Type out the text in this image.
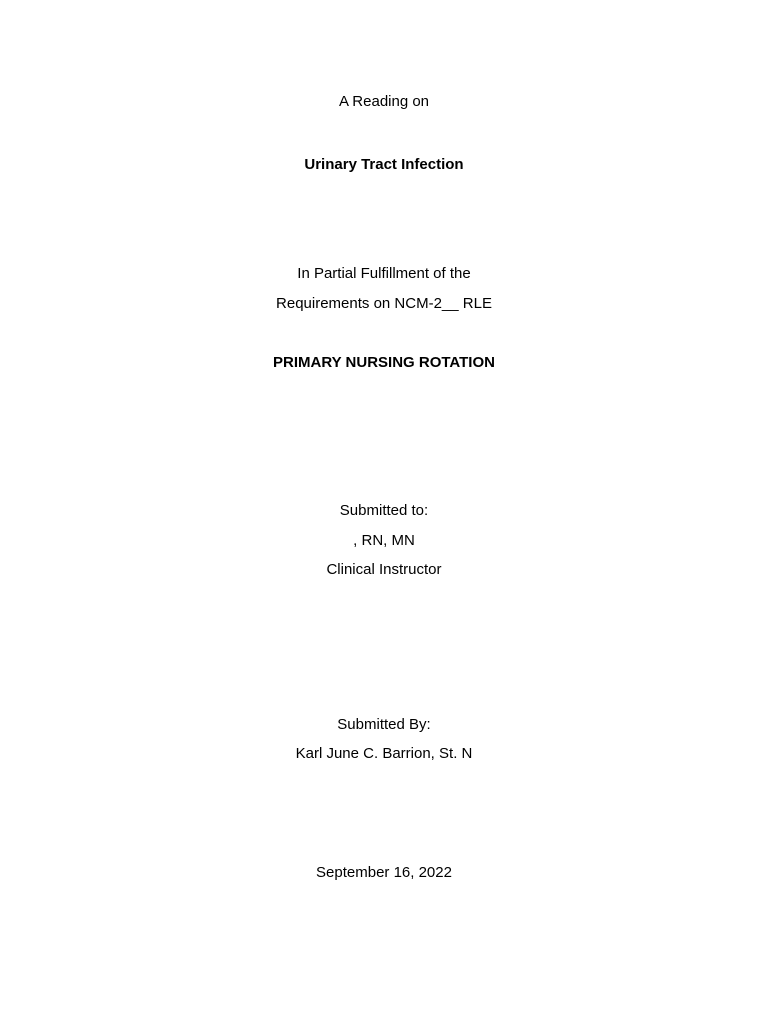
A Reading on
Urinary Tract Infection
In Partial Fulfillment of the
Requirements on NCM-2__ RLE
PRIMARY NURSING ROTATION
Submitted to:
, RN, MN
Clinical Instructor
Submitted By:
Karl June C. Barrion, St. N
September 16, 2022
